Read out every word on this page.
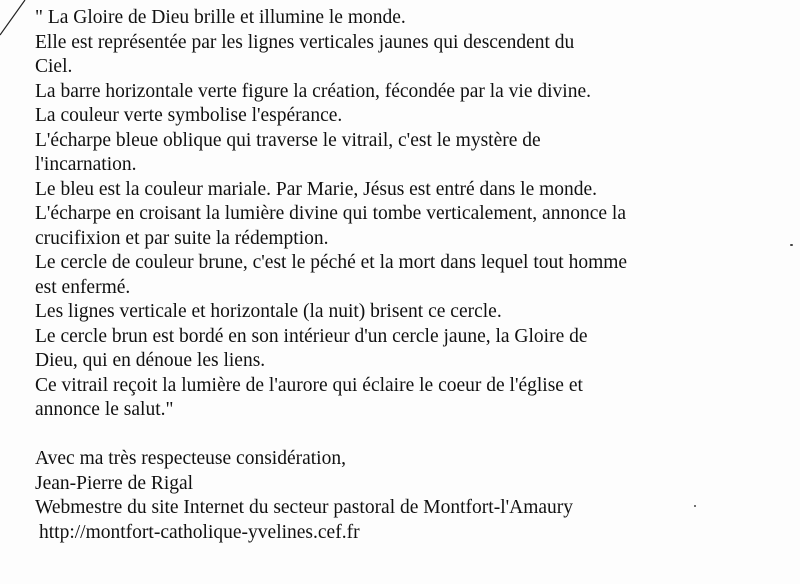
" La Gloire de Dieu brille et illumine le monde.
Elle est représentée par les lignes verticales jaunes qui descendent du
Ciel.
La barre horizontale verte figure la création, fécondée par la vie divine.
La couleur verte symbolise l'espérance.
L'écharpe bleue oblique qui traverse le vitrail, c'est le mystère de
l'incarnation.
Le bleu est la couleur mariale. Par Marie, Jésus est entré dans le monde.
L'écharpe en croisant la lumière divine qui tombe verticalement, annonce la
crucifixion et par suite la rédemption.
Le cercle de couleur brune, c'est le péché et la mort dans lequel tout homme
est enfermé.
Les lignes verticale et horizontale (la nuit) brisent ce cercle.
Le cercle brun est bordé en son intérieur d'un cercle jaune, la Gloire de
Dieu, qui en dénoue les liens.
Ce vitrail reçoit la lumière de l'aurore qui éclaire le coeur de l'église et
annonce le salut."
Avec ma très respecteuse considération,
Jean-Pierre de Rigal
Webmestre du site Internet du secteur pastoral de Montfort-l'Amaury
http://montfort-catholique-yvelines.cef.fr
